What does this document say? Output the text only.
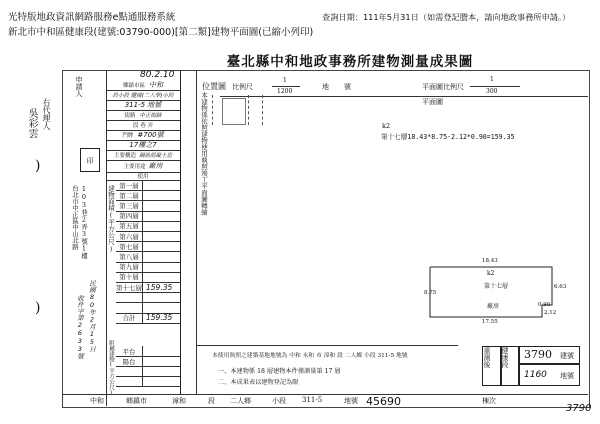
光特版地政資訊網路服務e點通服務系統
新北市中和區健康段(建號:03790-000)[第二類]建物平面圖(已縮小列印)
查詢日期：111年5月31日（如需登記謄本，請向地政事務所申請。）
臺北縣中和地政事務所建物測量成果圖
右代理人
吳彩雲
)
)
申請人
印
台北市中正區中山北路 103巷2弄3號1樓
民國80年2月15日
收件字第2633號
80.2.10
鄉鎮市區 中和
段小段 健康(二人學)小段
311-5 地號
街路 中正街路
段 巷 弄
門牌 #700號
17樓之7
主要構造 鋼筋混凝土造
主要用途 廠房
使用
建物面積(平方公尺) 第一層
第二層
第三層
第四層
第五層
第六層
第七層
第八層
第九層
第十層
第十七層 159.35
合計	159.35
附屬建物(平方公尺)	平台
陽台
本建物係依照建物使用執照竣工平面圖轉繪
位置圖 比例尺
1
1200
地 號	平面圖比例尺
1
300
平面圖
k2
第十七層18.43*8.75-2.12*0.90=159.35
18.43
8.75
6.63
17.55
0.90
2.12
k2
第十七層
廠房
本使用執照之建築基地地號為 中和 永和 市 漳和 段 二人鄉 小段 311-5 地號
一、本建物係 18 層建物本件僅測量第 17 層
二、本成果表以建物登記為限
重測後 健康段 3790 建號
1160 地號
中和	鄉鎮市	漳和	段 二人鄉	小段 311-5	地號 45690	棟次
3790
